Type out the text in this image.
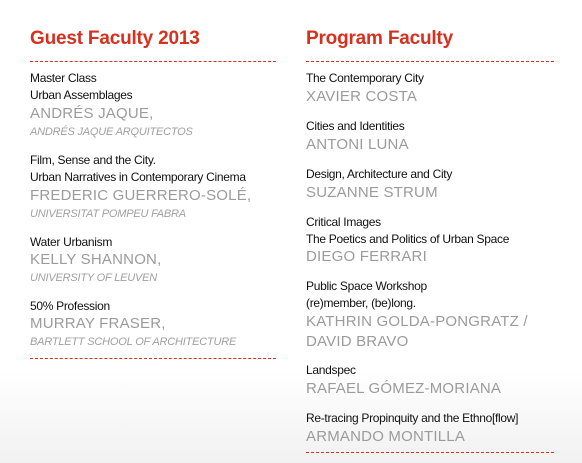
Guest Faculty 2013
Master Class
Urban Assemblages
ANDRÉS JAQUE,
ANDRÉS JAQUE ARQUITECTOS
Film, Sense and the City.
Urban Narratives in Contemporary Cinema
FREDERIC GUERRERO-SOLÉ,
UNIVERSITAT POMPEU FABRA
Water Urbanism
KELLY SHANNON,
UNIVERSITY OF LEUVEN
50% Profession
MURRAY FRASER,
BARTLETT SCHOOL OF ARCHITECTURE
Program Faculty
The Contemporary City
XAVIER COSTA
Cities and Identities
ANTONI LUNA
Design, Architecture and City
SUZANNE STRUM
Critical Images
The Poetics and Politics of Urban Space
DIEGO FERRARI
Public Space Workshop
(re)member, (be)long.
KATHRIN GOLDA-PONGRATZ /
DAVID BRAVO
Landspec
RAFAEL GÓMEZ-MORIANA
Re-tracing Propinquity and the Ethno[flow]
ARMANDO MONTILLA
